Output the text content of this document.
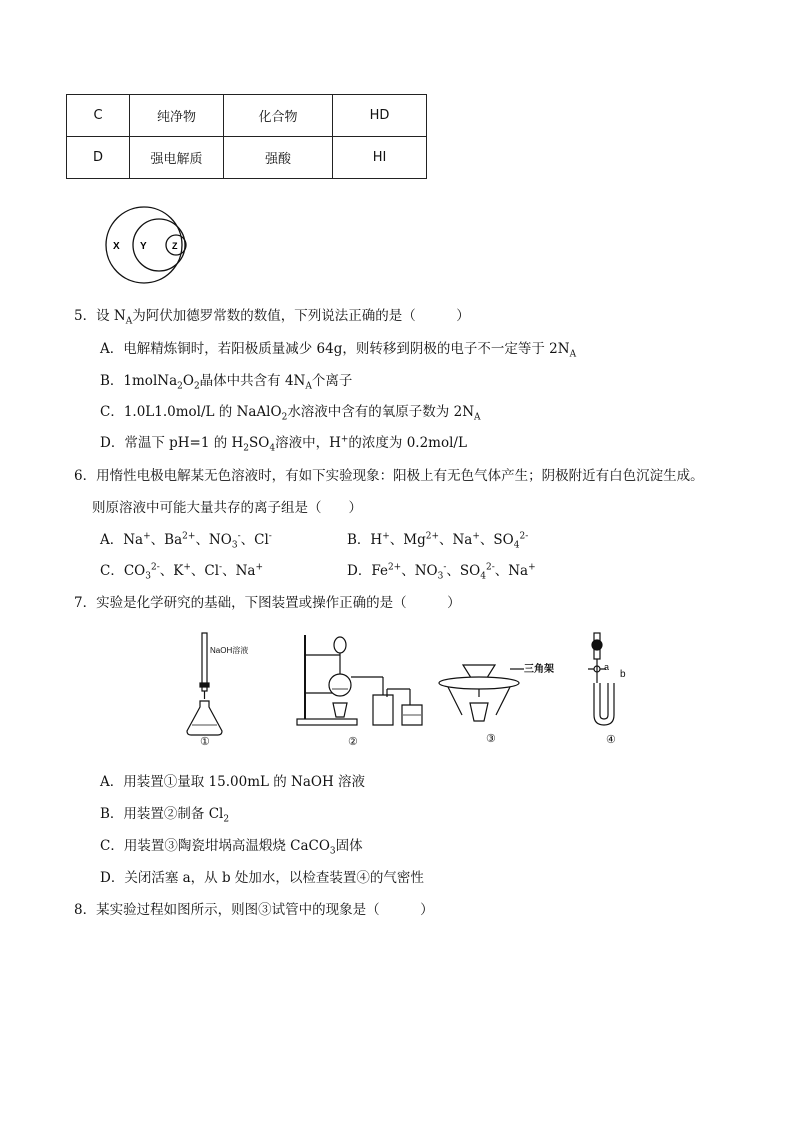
C	纯净物	化合物	HD
D	强电解质	强酸	HI
X Y	Z
5．设 $N_A$为阿伏加德罗常数的数值，下列说法正确的是（　　　）
A．电解精炼铜时，若阳极质量减少 64g，则转移到阴极的电子不一定等于 $2N_A$
B．$1molNa_2O_2$晶体中共含有 $4N_A$个离子
C．1.0L1.0mol/L 的 NaAlO$_2$水溶液中含有的氧原子数为 $2N_A$
D．常温下 pH=1 的 $H_2SO_4$溶液中，H+的浓度为 0.2mol/L
6．用惰性电极电解某无色溶液时，有如下实验现象：阳极上有无色气体产生；阴极附近有白色沉淀生成。
则原溶液中可能大量共存的离子组是（　　）
A．Na+、$Ba^{2+}$、$NO_3^-$、Cl-	B．H+、$Mg^{2+}$、Na+、$SO_4^{2-}$
C．$CO_3^{2-}$、K+、Cl-、Na+	D．$Fe^{2+}$、$NO_3^-$、$SO_4^{2-}$、Na+
7．实验是化学研究的基础，下图装置或操作正确的是（　　　）
NaOH溶液
三角架	a
b
①	②	③	④
A．用装置①量取 15.00mL 的 NaOH 溶液
B．用装置②制备 $Cl_2$
C．用装置③陶瓷坩埚高温煅烧 CaCO$_3$固体
D．关闭活塞 a，从 b 处加水，以检查装置④的气密性
8．某实验过程如图所示，则图③试管中的现象是（　　　）
